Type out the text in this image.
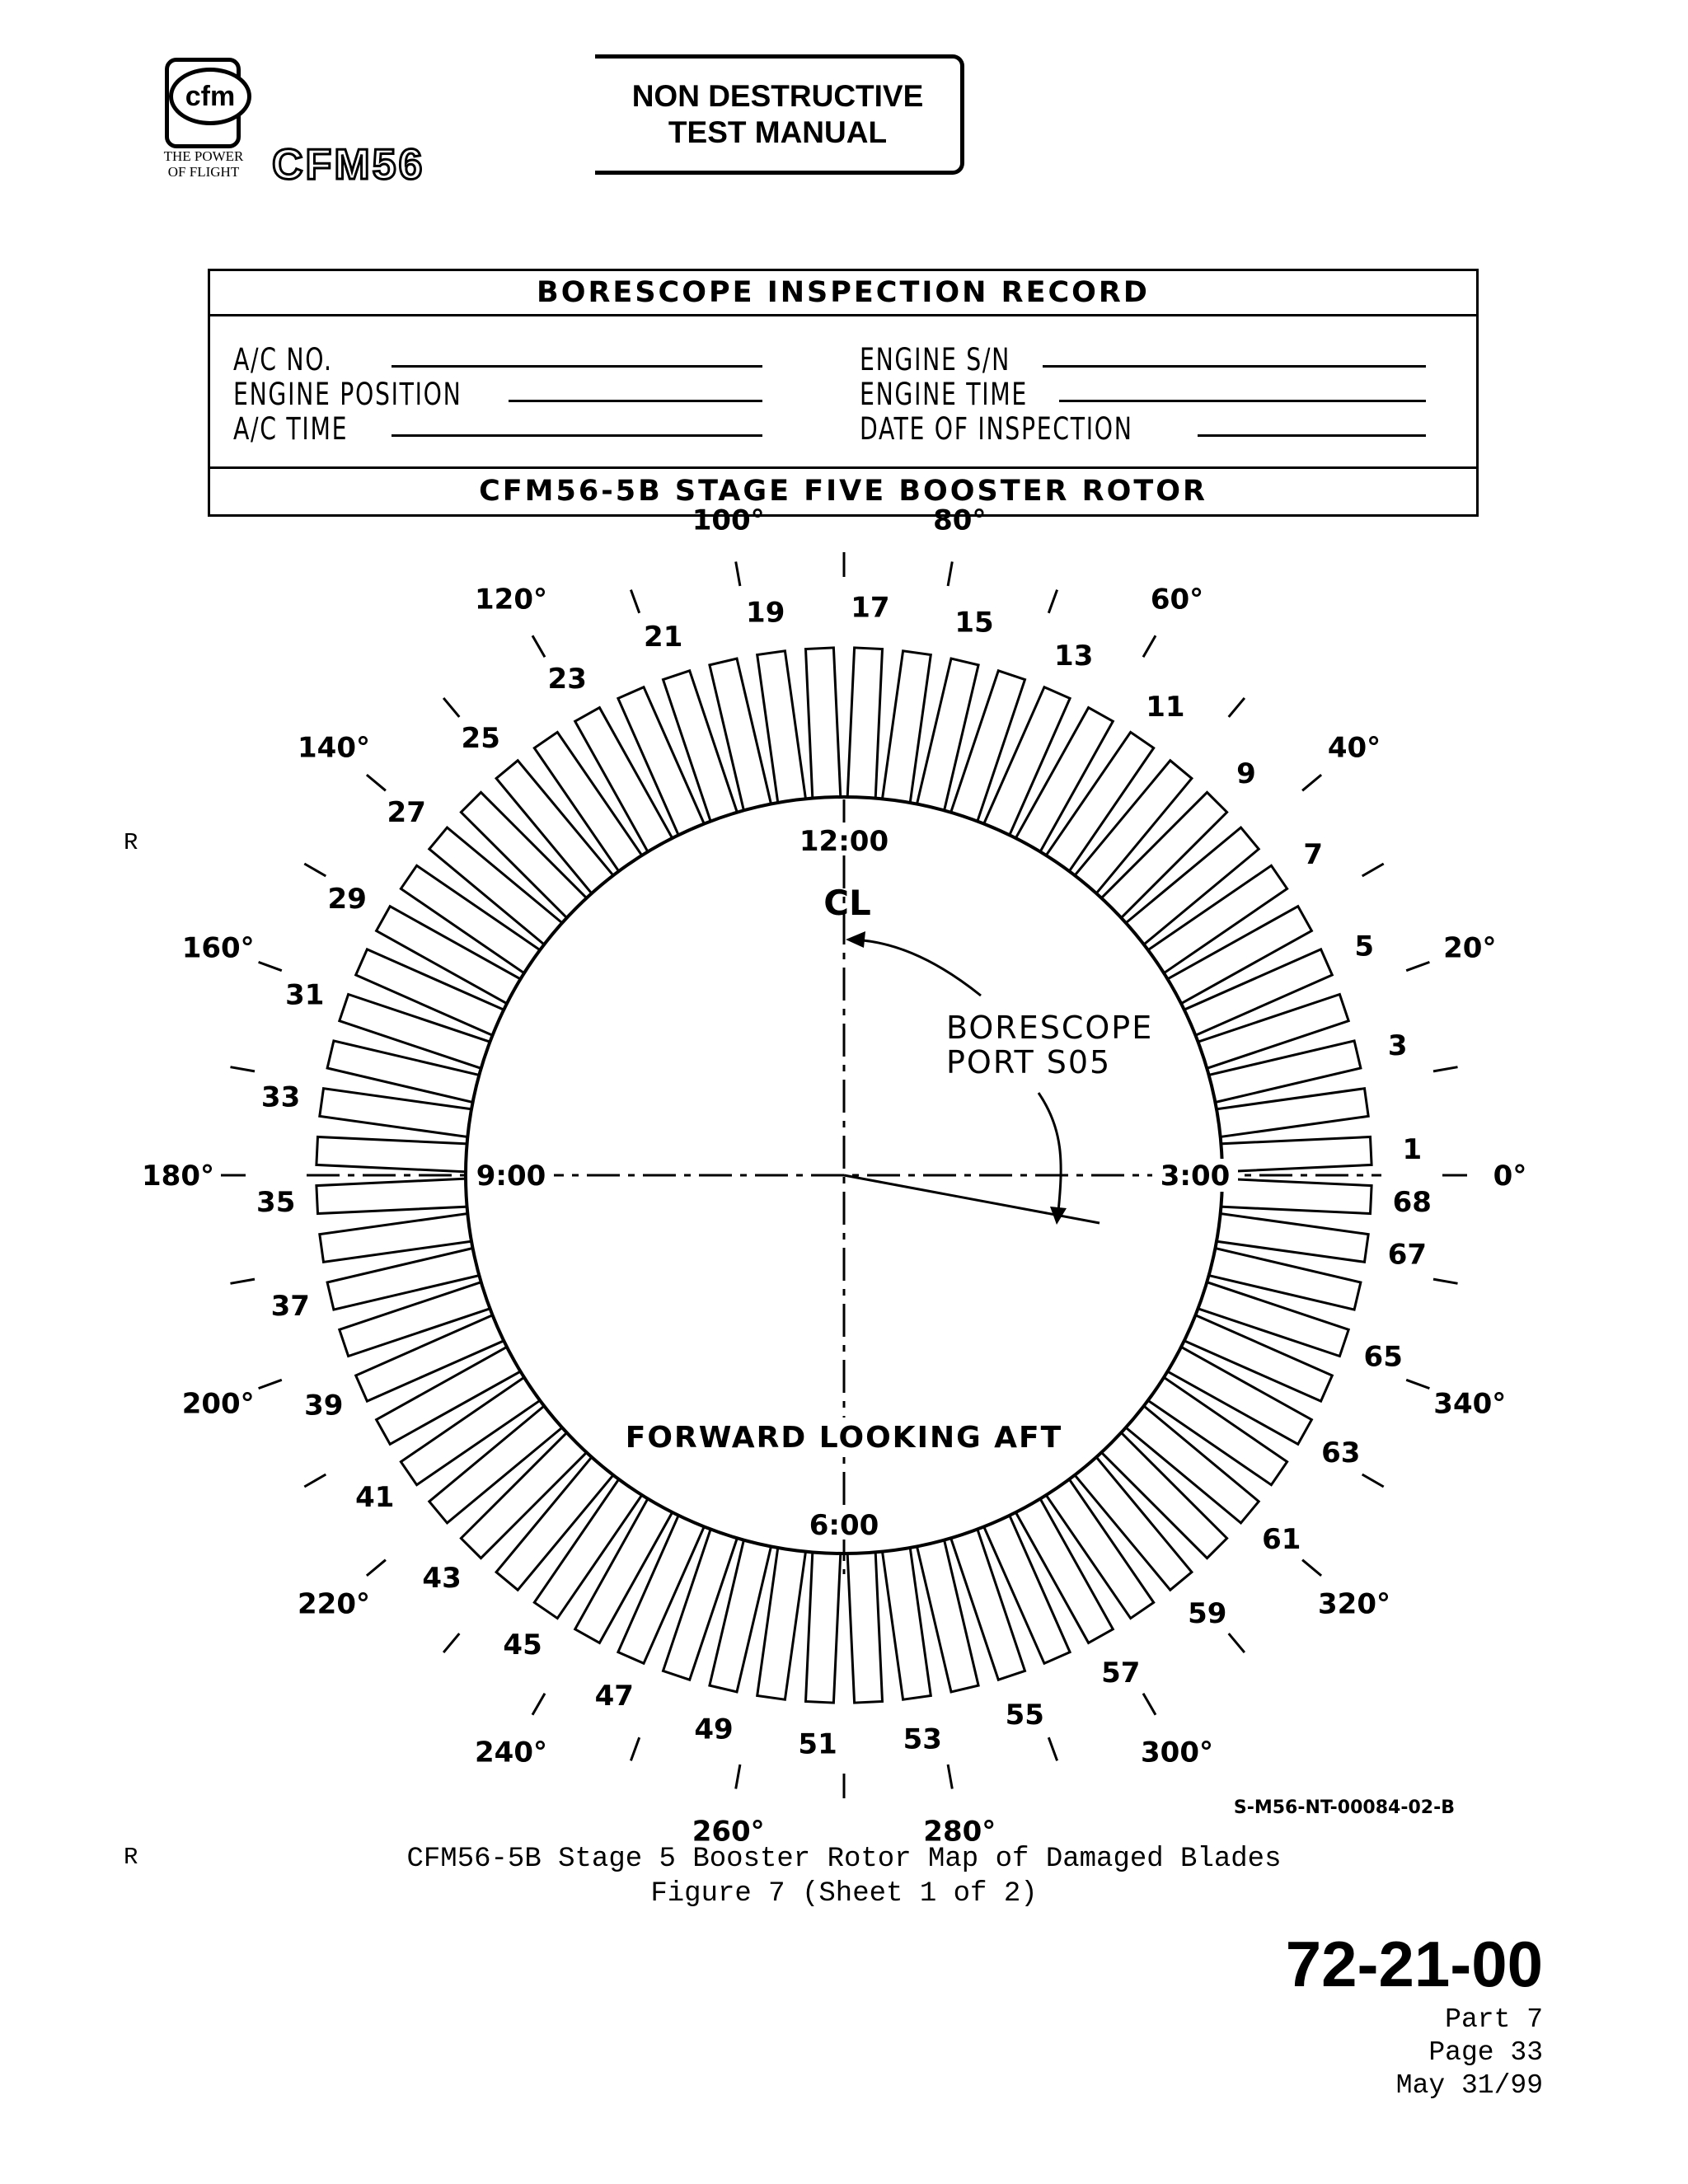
cfm
THE POWER
OF FLIGHT CFM56
NON DESTRUCTIVE
TEST MANUAL
BORESCOPE INSPECTION RECORD
A/C NO.
ENGINE POSITION
A/C TIME
ENGINE S/N
ENGINE TIME
DATE OF INSPECTION
CFM56-5B STAGE FIVE BOOSTER ROTOR
1
3
5
7
9
11
13
15
17
19
21
23
25
27
29
31
33
35
37
39
41
43
45
47
49 51 53
55
57
59
61
63
65
67
68
0°
20°
40°
60°
80°
100°
120°
140°
160°
180°
200°
220°
240°
260°	280°
300°
320°
340°
12:00
6:00
9:00	3:00
CL
BORESCOPE
PORT S05
FORWARD LOOKING AFT
S-M56-NT-00084-02-B
R
R	CFM56-5B Stage 5 Booster Rotor Map of Damaged Blades
Figure 7 (Sheet 1 of 2)
72-21-00
Part 7
Page 33
May 31/99
